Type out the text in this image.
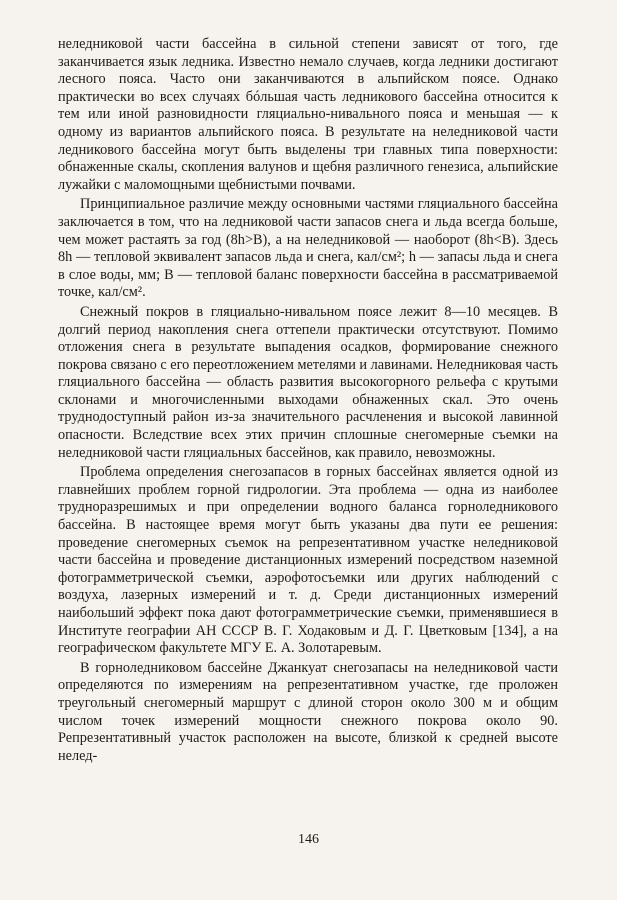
неледниковой части бассейна в сильной степени зависят от того, где заканчивается язык ледника. Известно немало случаев, когда ледники достигают лесного пояса. Часто они заканчиваются в альпийском поясе. Однако практически во всех случаях бóльшая часть ледникового бассейна относится к тем или иной разновидности гляциально-нивального пояса и меньшая — к одному из вариантов альпийского пояса. В результате на неледниковой части ледникового бассейна могут быть выделены три главных типа поверхности: обнаженные скалы, скопления валунов и щебня различного генезиса, альпийские лужайки с маломощными щебнистыми почвами.

Принципиальное различие между основными частями гляциального бассейна заключается в том, что на ледниковой части запасов снега и льда всегда больше, чем может растаять за год (8h>B), а на неледниковой — наоборот (8h<B). Здесь 8h — тепловой эквивалент запасов льда и снега, кал/см²; h — запасы льда и снега в слое воды, мм; B — тепловой баланс поверхности бассейна в рассматриваемой точке, кал/см².

Снежный покров в гляциально-нивальном поясе лежит 8—10 месяцев. В долгий период накопления снега оттепели практически отсутствуют. Помимо отложения снега в результате выпадения осадков, формирование снежного покрова связано с его переотложением метелями и лавинами. Неледниковая часть гляциального бассейна — область развития высокогорного рельефа с крутыми склонами и многочисленными выходами обнаженных скал. Это очень труднодоступный район из-за значительного расчленения и высокой лавинной опасности. Вследствие всех этих причин сплошные снегомерные съемки на неледниковой части гляциальных бассейнов, как правило, невозможны.

Проблема определения снегозапасов в горных бассейнах является одной из главнейших проблем горной гидрологии. Эта проблема — одна из наиболее трудноразрешимых и при определении водного баланса горноледникового бассейна. В настоящее время могут быть указаны два пути ее решения: проведение снегомерных съемок на репрезентативном участке неледниковой части бассейна и проведение дистанционных измерений посредством наземной фотограмметрической съемки, аэрофотосъемки или других наблюдений с воздуха, лазерных измерений и т. д. Среди дистанционных измерений наибольший эффект пока дают фотограмметрические съемки, применявшиеся в Институте географии АН СССР В. Г. Ходаковым и Д. Г. Цветковым [134], а на географическом факультете МГУ Е. А. Золотаревым.

В горноледниковом бассейне Джанкуат снегозапасы на неледниковой части определяются по измерениям на репрезентативном участке, где проложен треугольный снегомерный маршрут с длиной сторон около 300 м и общим числом точек измерений мощности снежного покрова около 90. Репрезентативный участок расположен на высоте, близкой к средней высоте нелед-

146
